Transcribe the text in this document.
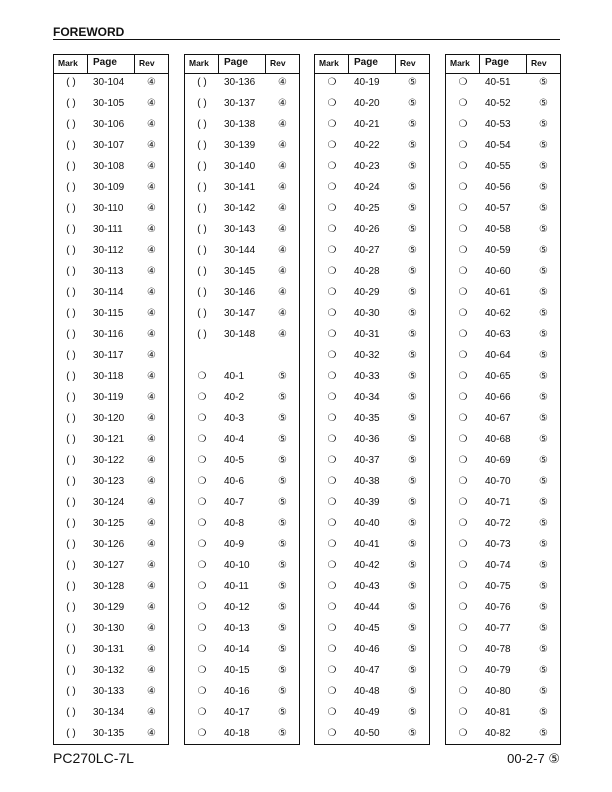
FOREWORD
Mark	Page	Rev
( )	30-104	④
( )	30-105	④
( )	30-106	④
( )	30-107	④
( )	30-108	④
( )	30-109	④
( )	30-110	④
( )	30-111	④
( )	30-112	④
( )	30-113	④
( )	30-114	④
( )	30-115	④
( )	30-116	④
( )	30-117	④
( )	30-118	④
( )	30-119	④
( )	30-120	④
( )	30-121	④
( )	30-122	④
( )	30-123	④
( )	30-124	④
( )	30-125	④
( )	30-126	④
( )	30-127	④
( )	30-128	④
( )	30-129	④
( )	30-130	④
( )	30-131	④
( )	30-132	④
( )	30-133	④
( )	30-134	④
( )	30-135	④
Mark	Page	Rev
( )	30-136	④
( )	30-137	④
( )	30-138	④
( )	30-139	④
( )	30-140	④
( )	30-141	④
( )	30-142	④
( )	30-143	④
( )	30-144	④
( )	30-145	④
( )	30-146	④
( )	30-147	④
( )	30-148	④
❍	40-1	⑤
❍	40-2	⑤
❍	40-3	⑤
❍	40-4	⑤
❍	40-5	⑤
❍	40-6	⑤
❍	40-7	⑤
❍	40-8	⑤
❍	40-9	⑤
❍	40-10	⑤
❍	40-11	⑤
❍	40-12	⑤
❍	40-13	⑤
❍	40-14	⑤
❍	40-15	⑤
❍	40-16	⑤
❍	40-17	⑤
❍	40-18	⑤
Mark	Page	Rev
❍	40-19	⑤
❍	40-20	⑤
❍	40-21	⑤
❍	40-22	⑤
❍	40-23	⑤
❍	40-24	⑤
❍	40-25	⑤
❍	40-26	⑤
❍	40-27	⑤
❍	40-28	⑤
❍	40-29	⑤
❍	40-30	⑤
❍	40-31	⑤
❍	40-32	⑤
❍	40-33	⑤
❍	40-34	⑤
❍	40-35	⑤
❍	40-36	⑤
❍	40-37	⑤
❍	40-38	⑤
❍	40-39	⑤
❍	40-40	⑤
❍	40-41	⑤
❍	40-42	⑤
❍	40-43	⑤
❍	40-44	⑤
❍	40-45	⑤
❍	40-46	⑤
❍	40-47	⑤
❍	40-48	⑤
❍	40-49	⑤
❍	40-50	⑤
Mark	Page	Rev
❍	40-51	⑤
❍	40-52	⑤
❍	40-53	⑤
❍	40-54	⑤
❍	40-55	⑤
❍	40-56	⑤
❍	40-57	⑤
❍	40-58	⑤
❍	40-59	⑤
❍	40-60	⑤
❍	40-61	⑤
❍	40-62	⑤
❍	40-63	⑤
❍	40-64	⑤
❍	40-65	⑤
❍	40-66	⑤
❍	40-67	⑤
❍	40-68	⑤
❍	40-69	⑤
❍	40-70	⑤
❍	40-71	⑤
❍	40-72	⑤
❍	40-73	⑤
❍	40-74	⑤
❍	40-75	⑤
❍	40-76	⑤
❍	40-77	⑤
❍	40-78	⑤
❍	40-79	⑤
❍	40-80	⑤
❍	40-81	⑤
❍	40-82	⑤
PC270LC-7L	00-2-7 ⑤
